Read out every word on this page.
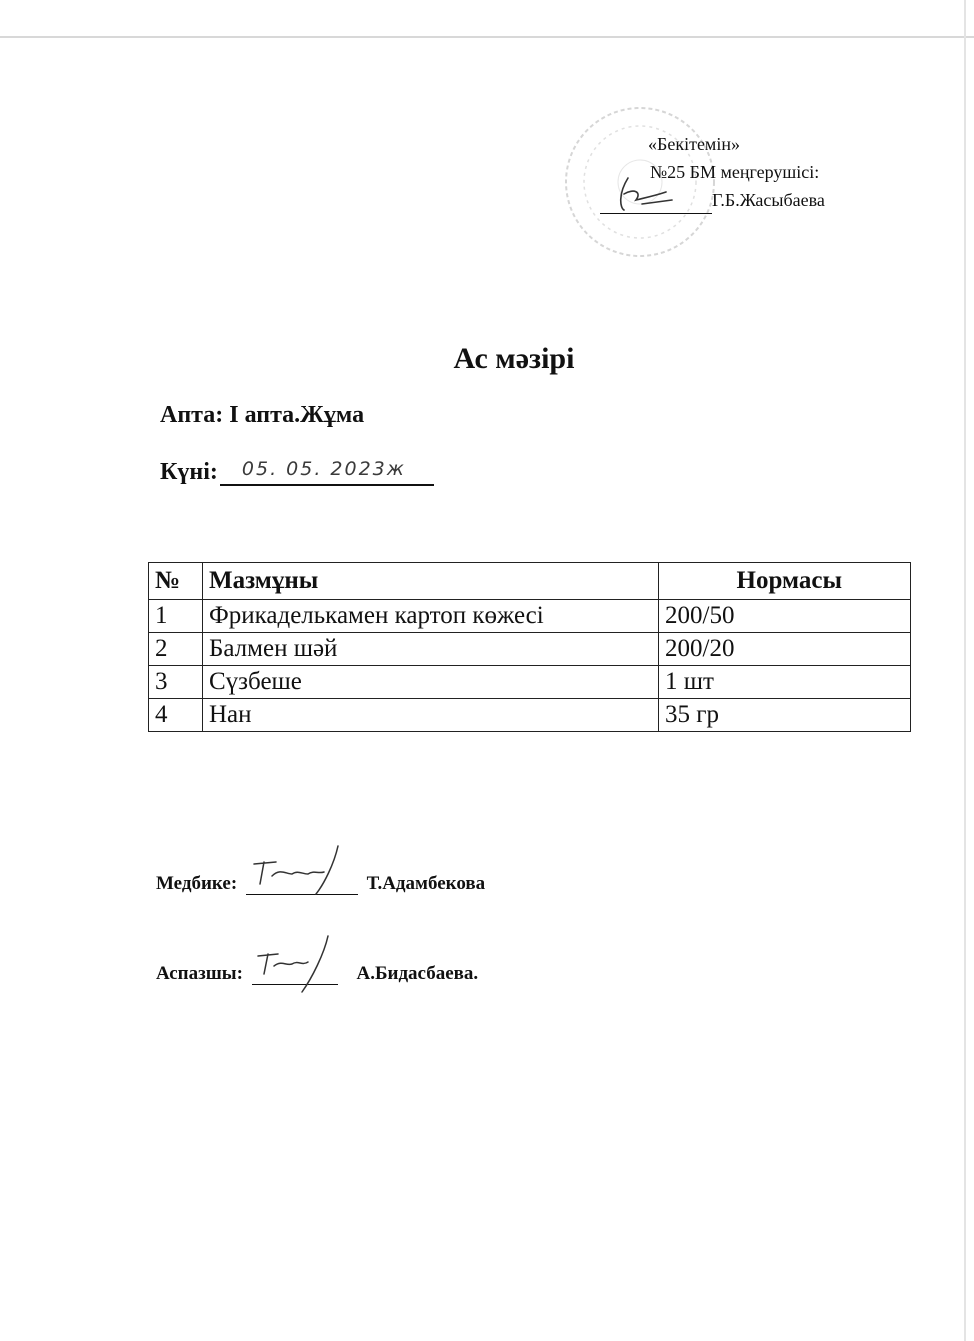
«Бекітемін»
№25 БМ меңгерушісі:
Г.Б.Жасыбаева
Ас мәзірі
Апта: I апта.Жұма
Күні: 05. 05. 2023ж
№	Мазмұны	Нормасы
1	Фрикаделькамен картоп көжесі	200/50
2	Балмен шәй	200/20
3	Сүзбеше	1 шт
4	Нан	35 гр
Медбике:	Т.Адамбекова
Аспазшы:	А.Бидасбаева.
